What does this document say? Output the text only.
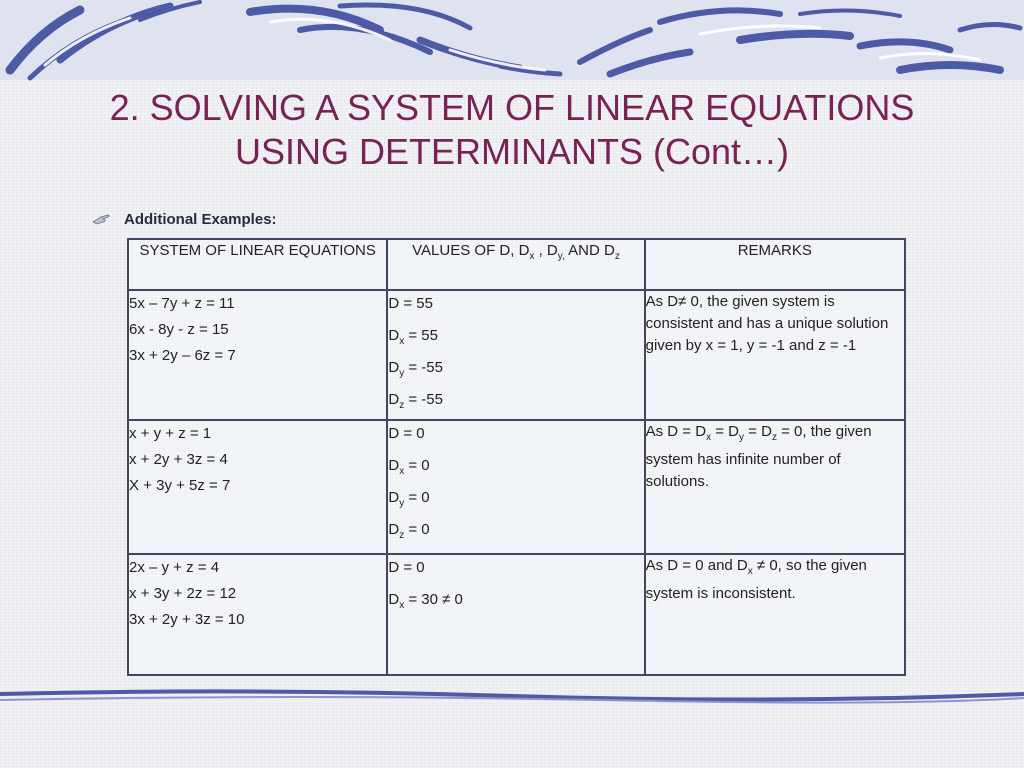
2. SOLVING A SYSTEM OF LINEAR EQUATIONS
USING DETERMINANTS (Cont…)
Additional Examples:
SYSTEM OF LINEAR EQUATIONS	VALUES OF D, $D_x$ , $D_{y,}$ AND $D_z$	REMARKS

5x – 7y + z = 11
6x - 8y - z = 15
3x + 2y – 6z = 7	D = 55
$D_x = 55$
$D_y = -55$
$D_z = -55$	As D≠ 0, the given system is consistent and has a unique solution given by x = 1, y = -1 and z = -1

x + y + z = 1
x + 2y + 3z = 4
X + 3y + 5z = 7	D = 0
$D_x = 0$
$D_y = 0$
$D_z = 0$	As $D = D_x = D_y = D_z = 0$, the given system has infinite number of solutions.

2x – y + z = 4
x + 3y + 2z = 12
3x + 2y + 3z = 10	D = 0
$D_x = 30 \ne 0$	As D = 0 and $D_x \ne 0$, so the given system is inconsistent.
